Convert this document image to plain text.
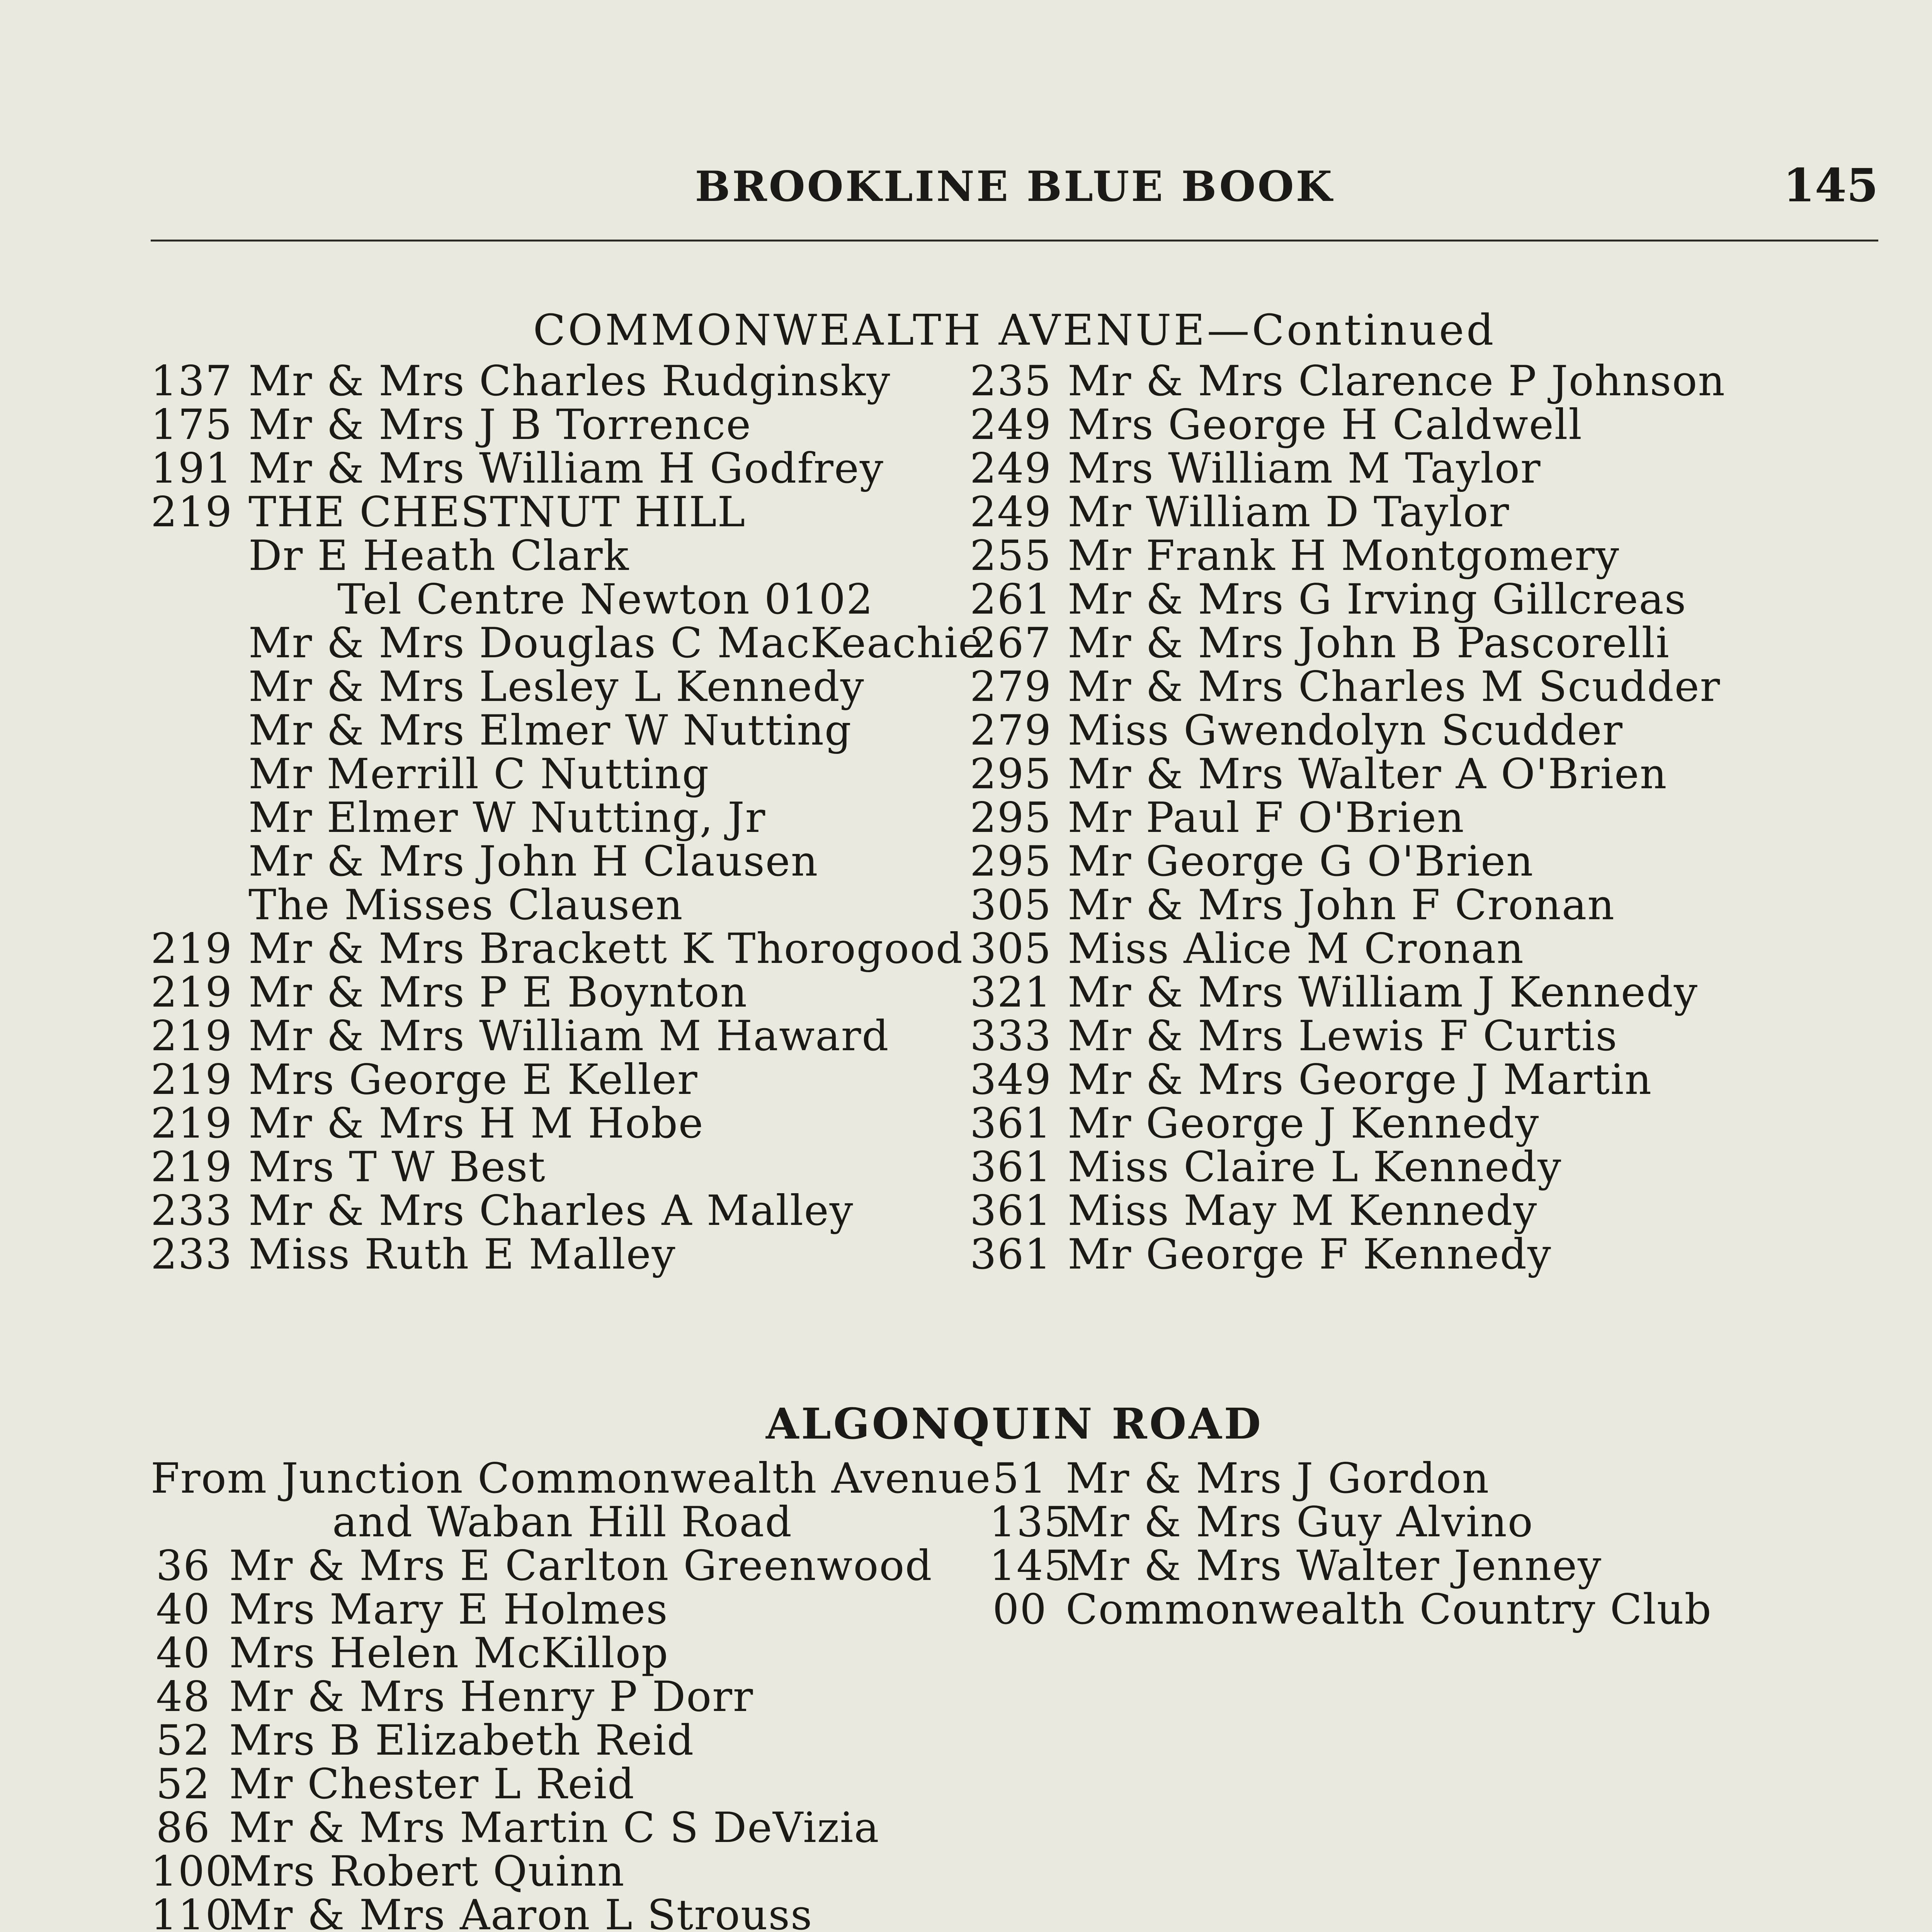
BROOKLINE BLUE BOOK	145
COMMONWEALTH AVENUE—Continued
137 Mr & Mrs Charles Rudginsky
175 Mr & Mrs J B Torrence
191 Mr & Mrs William H Godfrey
219 THE CHESTNUT HILL
Dr E Heath Clark
Tel Centre Newton 0102
Mr & Mrs Douglas C MacKeachie
Mr & Mrs Lesley L Kennedy
Mr & Mrs Elmer W Nutting
Mr Merrill C Nutting
Mr Elmer W Nutting, Jr
Mr & Mrs John H Clausen
The Misses Clausen
219 Mr & Mrs Brackett K Thorogood
219 Mr & Mrs P E Boynton
219 Mr & Mrs William M Haward
219 Mrs George E Keller
219 Mr & Mrs H M Hobe
219 Mrs T W Best
233 Mr & Mrs Charles A Malley
233 Miss Ruth E Malley
235 Mr & Mrs Clarence P Johnson
249 Mrs George H Caldwell
249 Mrs William M Taylor
249 Mr William D Taylor
255 Mr Frank H Montgomery
261 Mr & Mrs G Irving Gillcreas
267 Mr & Mrs John B Pascorelli
279 Mr & Mrs Charles M Scudder
279 Miss Gwendolyn Scudder
295 Mr & Mrs Walter A O'Brien
295 Mr Paul F O'Brien
295 Mr George G O'Brien
305 Mr & Mrs John F Cronan
305 Miss Alice M Cronan
321 Mr & Mrs William J Kennedy
333 Mr & Mrs Lewis F Curtis
349 Mr & Mrs George J Martin
361 Mr George J Kennedy
361 Miss Claire L Kennedy
361 Miss May M Kennedy
361 Mr George F Kennedy
ALGONQUIN ROAD
From Junction Commonwealth Avenue
and Waban Hill Road
36 Mr & Mrs E Carlton Greenwood
40 Mrs Mary E Holmes
40 Mrs Helen McKillop
48 Mr & Mrs Henry P Dorr
52 Mrs B Elizabeth Reid
52 Mr Chester L Reid
86 Mr & Mrs Martin C S DeVizia
100Mrs Robert Quinn
110Mr & Mrs Aaron L Strouss
51 Mr & Mrs J Gordon
135Mr & Mrs Guy Alvino
145Mr & Mrs Walter Jenney
00 Commonwealth Country Club
